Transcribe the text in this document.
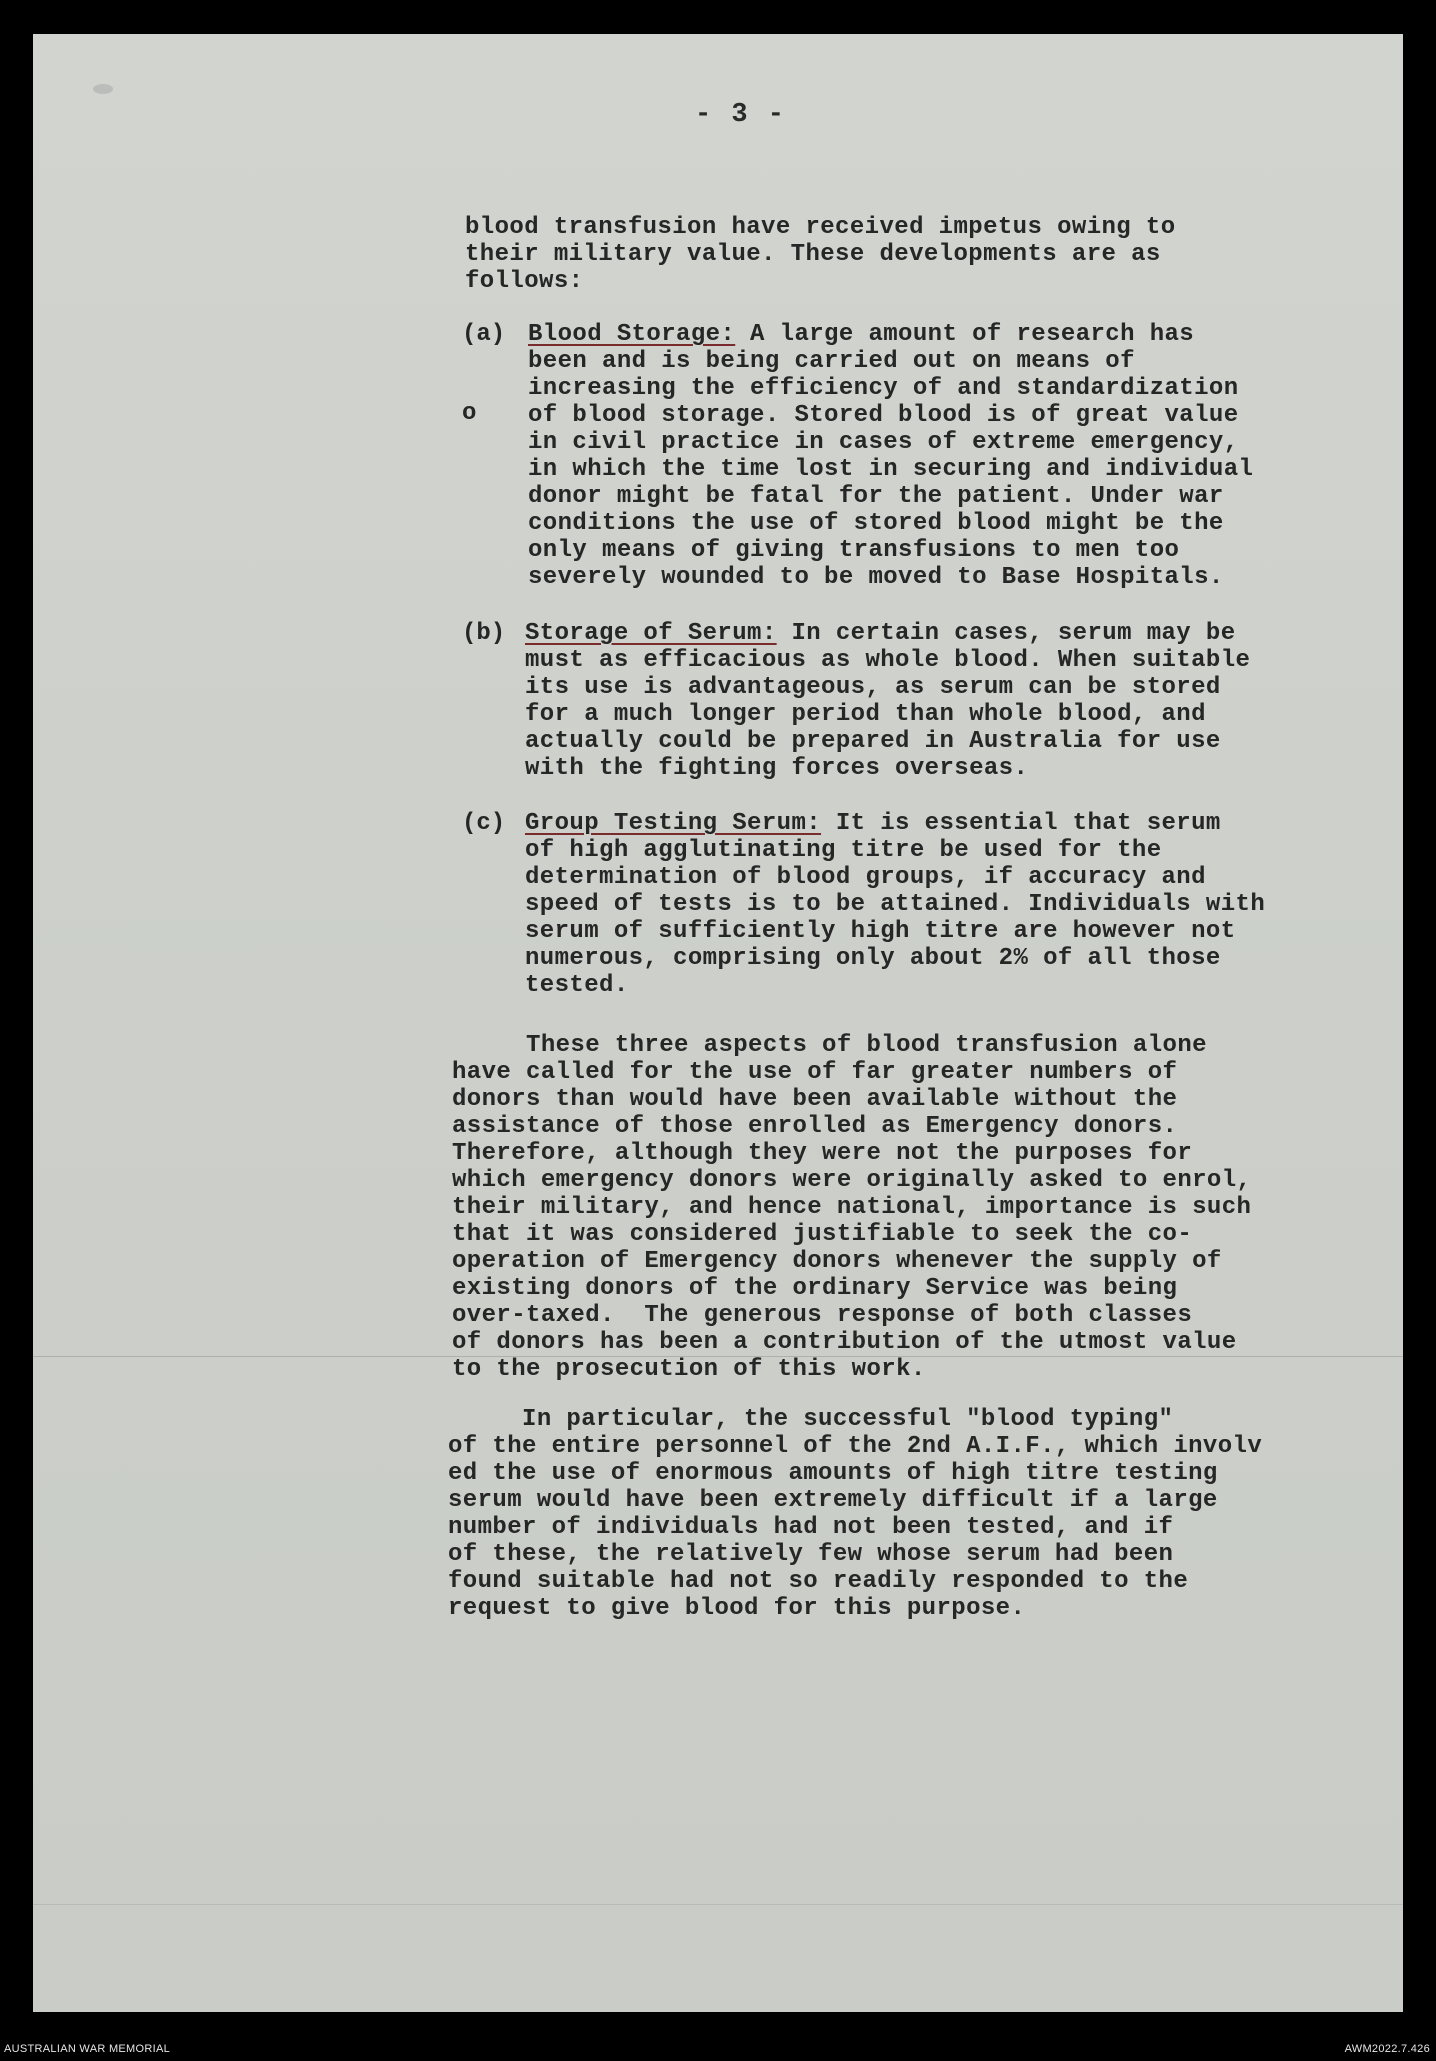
- 3 -
o
blood transfusion have received impetus owing to
their military value. These developments are as
follows:
(a) Blood Storage: A large amount of research has
been and is being carried out on means of
increasing the efficiency of and standardization
of blood storage. Stored blood is of great value
in civil practice in cases of extreme emergency,
in which the time lost in securing and individual
donor might be fatal for the patient. Under war
conditions the use of stored blood might be the
only means of giving transfusions to men too
severely wounded to be moved to Base Hospitals.
(b) Storage of Serum: In certain cases, serum may be
must as efficacious as whole blood. When suitable
its use is advantageous, as serum can be stored
for a much longer period than whole blood, and
actually could be prepared in Australia for use
with the fighting forces overseas.
(c) Group Testing Serum: It is essential that serum
of high agglutinating titre be used for the
determination of blood groups, if accuracy and
speed of tests is to be attained. Individuals with
serum of sufficiently high titre are however not
numerous, comprising only about 2% of all those
tested.
These three aspects of blood transfusion alone
have called for the use of far greater numbers of
donors than would have been available without the
assistance of those enrolled as Emergency donors.
Therefore, although they were not the purposes for
which emergency donors were originally asked to enrol,
their military, and hence national, importance is such
that it was considered justifiable to seek the co-
operation of Emergency donors whenever the supply of
existing donors of the ordinary Service was being
over-taxed.  The generous response of both classes
of donors has been a contribution of the utmost value
to the prosecution of this work.
In particular, the successful "blood typing"
of the entire personnel of the 2nd A.I.F., which involv
ed the use of enormous amounts of high titre testing
serum would have been extremely difficult if a large
number of individuals had not been tested, and if
of these, the relatively few whose serum had been
found suitable had not so readily responded to the
request to give blood for this purpose.
AUSTRALIAN WAR MEMORIAL	AWM2022.7.426
